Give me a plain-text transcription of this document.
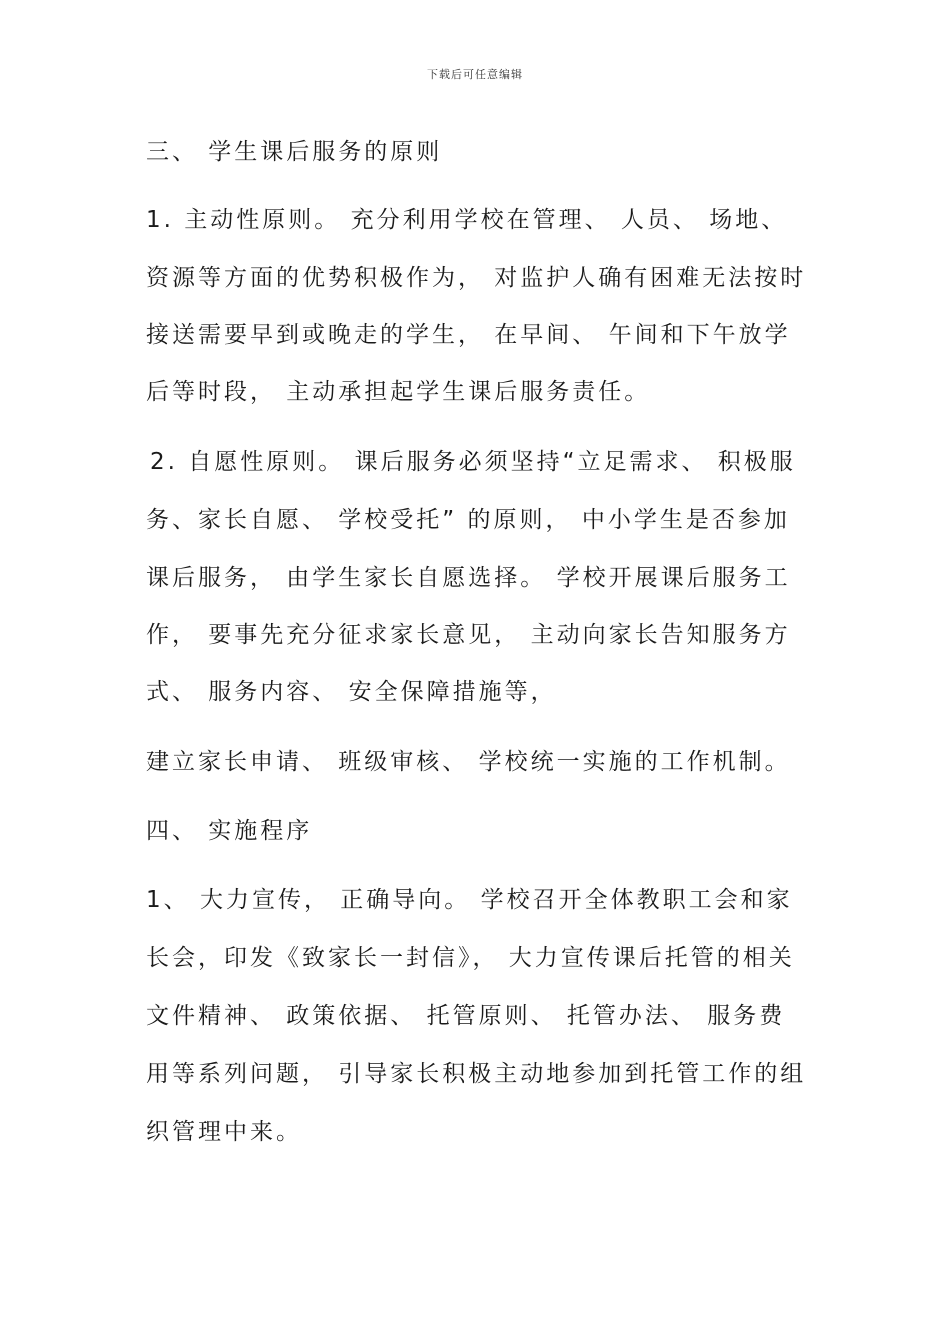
下载后可任意编辑
三、 学生课后服务的原则
1. 主动性原则。 充分利用学校在管理、 人员、 场地、
资源等方面的优势积极作为， 对监护人确有困难无法按时
接送需要早到或晚走的学生， 在早间、 午间和下午放学
后等时段， 主动承担起学生课后服务责任。
2. 自愿性原则。 课后服务必须坚持“立足需求、 积极服
务、家长自愿、 学校受托” 的原则， 中小学生是否参加
课后服务， 由学生家长自愿选择。 学校开展课后服务工
作， 要事先充分征求家长意见， 主动向家长告知服务方
式、 服务内容、 安全保障措施等，
建立家长申请、 班级审核、 学校统一实施的工作机制。
四、 实施程序
1、 大力宣传， 正确导向。 学校召开全体教职工会和家
长会，印发《致家长一封信》， 大力宣传课后托管的相关
文件精神、 政策依据、 托管原则、 托管办法、 服务费
用等系列问题， 引导家长积极主动地参加到托管工作的组
织管理中来。
